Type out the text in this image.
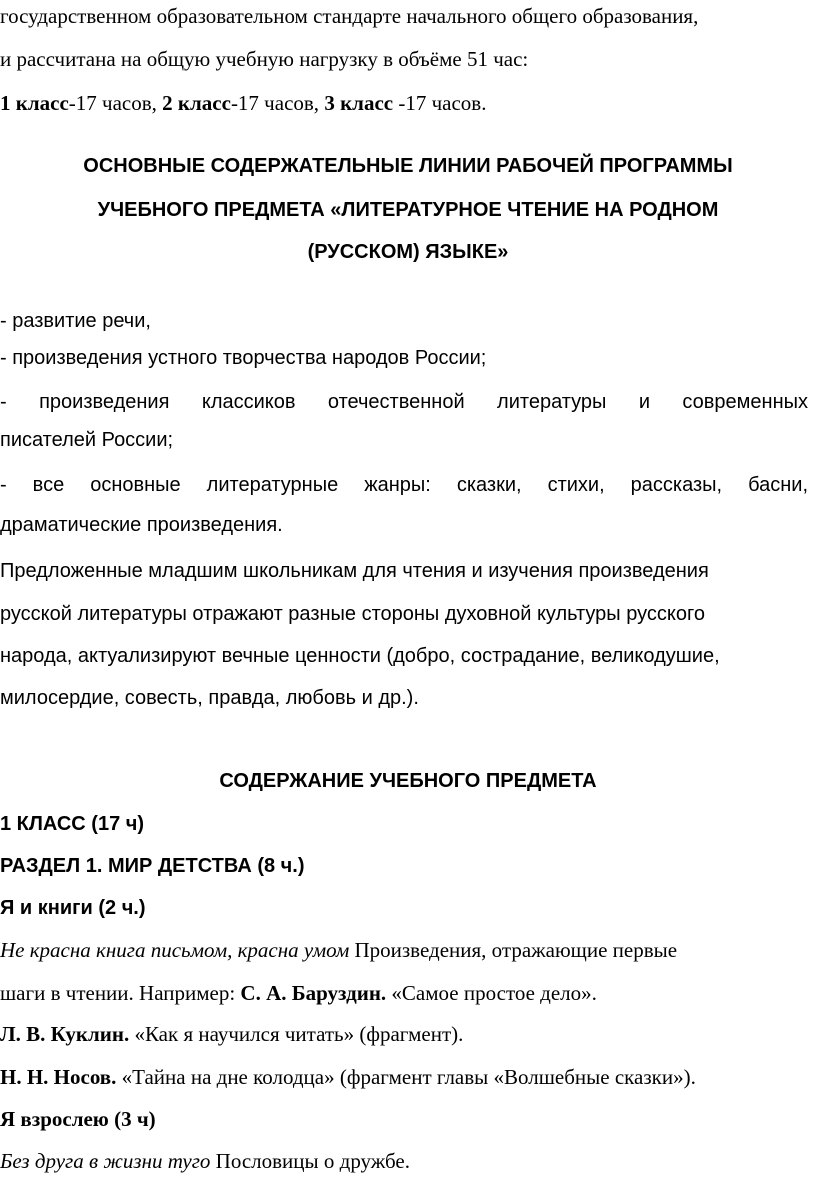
государственном образовательном стандарте начального общего образования,
и рассчитана на общую учебную нагрузку в объёме 51 час:
1 класс-17 часов, 2 класс-17 часов, 3 класс -17 часов.
ОСНОВНЫЕ СОДЕРЖАТЕЛЬНЫЕ ЛИНИИ РАБОЧЕЙ ПРОГРАММЫ
УЧЕБНОГО ПРЕДМЕТА «ЛИТЕРАТУРНОЕ ЧТЕНИЕ НА РОДНОМ
(РУССКОМ) ЯЗЫКЕ»
- развитие речи,
- произведения устного творчества народов России;
- произведения классиков отечественной литературы и современных
писателей России;
- все основные литературные жанры: сказки, стихи, рассказы, басни,
драматические произведения.
Предложенные младшим школьникам для чтения и изучения произведения
русской литературы отражают разные стороны духовной культуры русского
народа, актуализируют вечные ценности (добро, сострадание, великодушие,
милосердие, совесть, правда, любовь и др.).
СОДЕРЖАНИЕ УЧЕБНОГО ПРЕДМЕТА
1 КЛАСС (17 ч)
РАЗДЕЛ 1. МИР ДЕТСТВА (8 ч.)
Я и книги (2 ч.)
Не красна книга письмом, красна умом Произведения, отражающие первые
шаги в чтении. Например: С. А. Баруздин. «Самое простое дело».
Л. В. Куклин. «Как я научился читать» (фрагмент).
Н. Н. Носов. «Тайна на дне колодца» (фрагмент главы «Волшебные сказки»).
Я взрослею (3 ч)
Без друга в жизни туго Пословицы о дружбе.
